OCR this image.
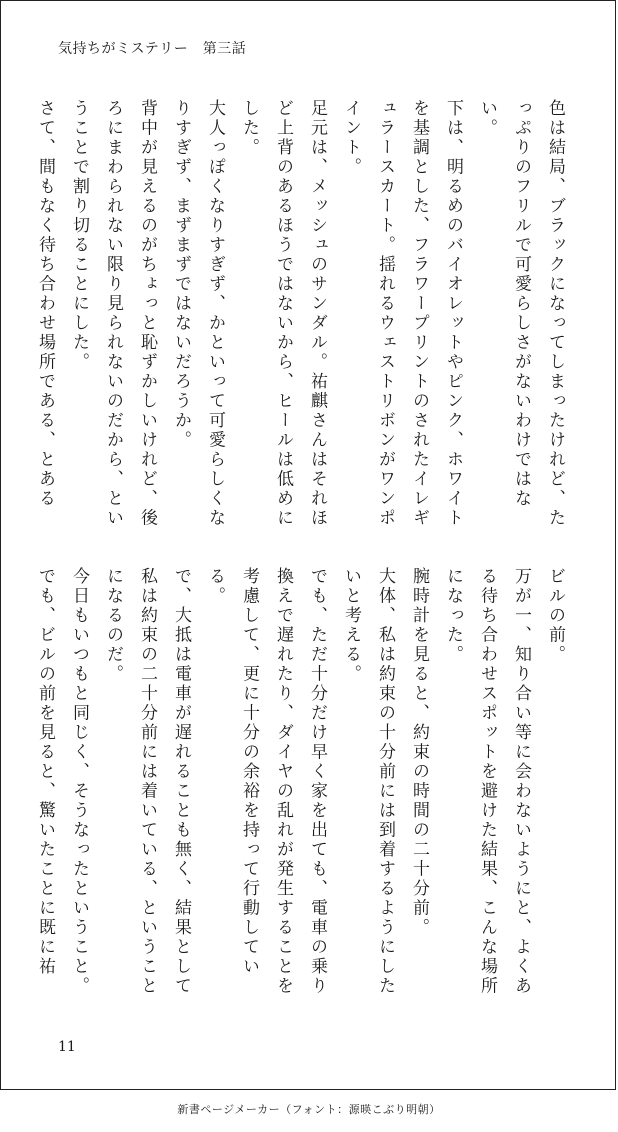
気持ちがミステリー　第三話

色は結局、ブラックになってしまったけれど、たっぷりのフリルで可愛らしさがないわけではない。

下は、明るめのバイオレットやピンク、ホワイトを基調とした、フラワープリントのされたイレギュラースカート。揺れるウェストリボンがワンポイント。

足元は、メッシュのサンダル。祐麒さんはそれほど上背のあるほうではないから、ヒールは低めにした。

大人っぽくなりすぎず、かといって可愛らしくなりすぎず、まずまずではないだろうか。

背中が見えるのがちょっと恥ずかしいけれど、後ろにまわられない限り見られないのだから、ということで割り切ることにした。

さて、間もなく待ち合わせ場所である、とある

ビルの前。

万が一、知り合い等に会わないようにと、よくある待ち合わせスポットを避けた結果、こんな場所になった。

腕時計を見ると、約束の時間の二十分前。

大体、私は約束の十分前には到着するようにしたいと考える。

でも、ただ十分だけ早く家を出ても、電車の乗り換えで遅れたり、ダイヤの乱れが発生することを考慮して、更に十分の余裕を持って行動している。

で、大抵は電車が遅れることも無く、結果として私は約束の二十分前には着いている、ということになるのだ。

今日もいつもと同じく、そうなったということ。

でも、ビルの前を見ると、驚いたことに既に祐

11
新書ページメーカー（フォント：源暎こぶり明朝）
